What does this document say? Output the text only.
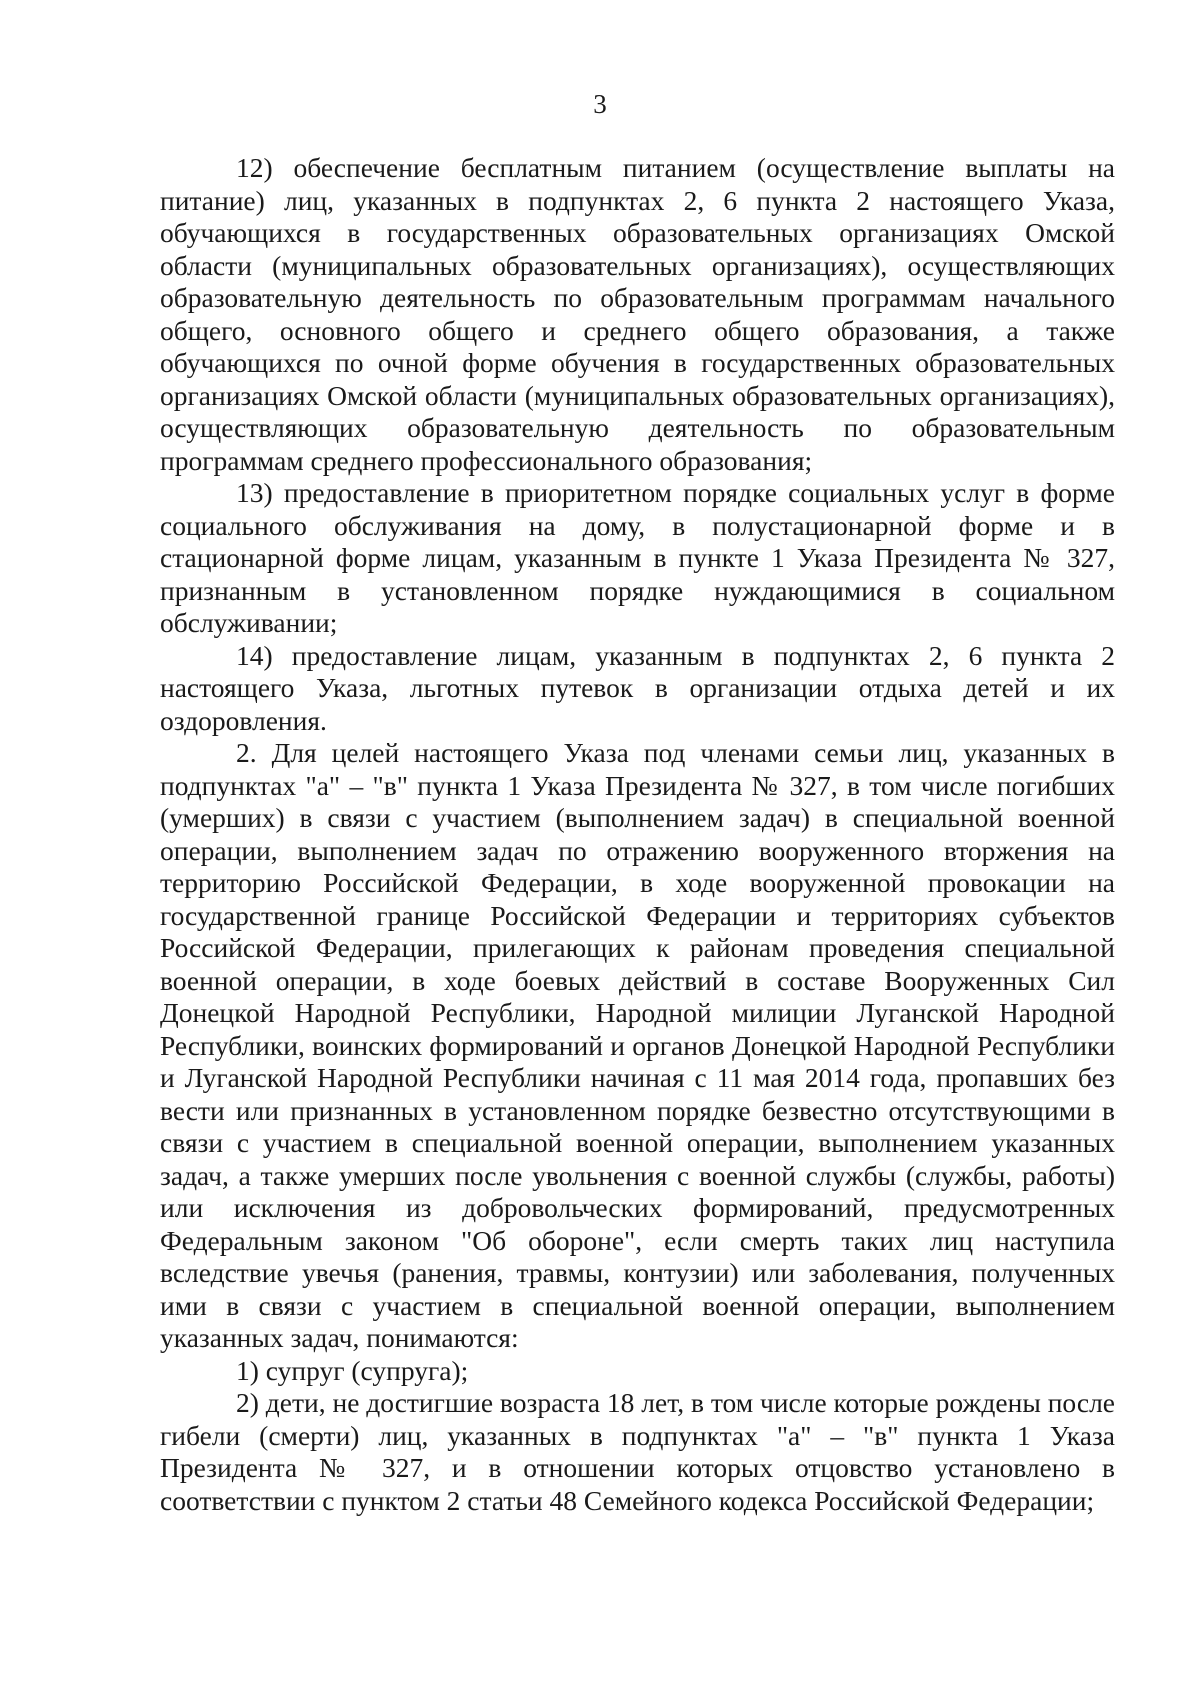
3

12) обеспечение бесплатным питанием (осуществление выплаты на питание) лиц, указанных в подпунктах 2, 6 пункта 2 настоящего Указа, обучающихся в государственных образовательных организациях Омской области (муниципальных образовательных организациях), осуществляющих образовательную деятельность по образовательным программам начального общего, основного общего и среднего общего образования, а также обучающихся по очной форме обучения в государственных образовательных организациях Омской области (муниципальных образовательных организациях), осуществляющих образовательную деятельность по образовательным программам среднего профессионального образования;

13) предоставление в приоритетном порядке социальных услуг в форме социального обслуживания на дому, в полустационарной форме и в стационарной форме лицам, указанным в пункте 1 Указа Президента № 327, признанным в установленном порядке нуждающимися в социальном обслуживании;

14) предоставление лицам, указанным в подпунктах 2, 6 пункта 2 настоящего Указа, льготных путевок в организации отдыха детей и их оздоровления.

2. Для целей настоящего Указа под членами семьи лиц, указанных в подпунктах "а" – "в" пункта 1 Указа Президента № 327, в том числе погибших (умерших) в связи с участием (выполнением задач) в специальной военной операции, выполнением задач по отражению вооруженного вторжения на территорию Российской Федерации, в ходе вооруженной провокации на государственной границе Российской Федерации и территориях субъектов Российской Федерации, прилегающих к районам проведения специальной военной операции, в ходе боевых действий в составе Вооруженных Сил Донецкой Народной Республики, Народной милиции Луганской Народной Республики, воинских формирований и органов Донецкой Народной Республики и Луганской Народной Республики начиная с 11 мая 2014 года, пропавших без вести или признанных в установленном порядке безвестно отсутствующими в связи с участием в специальной военной операции, выполнением указанных задач, а также умерших после увольнения с военной службы (службы, работы) или исключения из добровольческих формирований, предусмотренных Федеральным законом "Об обороне", если смерть таких лиц наступила вследствие увечья (ранения, травмы, контузии) или заболевания, полученных ими в связи с участием в специальной военной операции, выполнением указанных задач, понимаются:

1) супруг (супруга);

2) дети, не достигшие возраста 18 лет, в том числе которые рождены после гибели (смерти) лиц, указанных в подпунктах "а" – "в" пункта 1 Указа Президента № 327, и в отношении которых отцовство установлено в соответствии с пунктом 2 статьи 48 Семейного кодекса Российской Федерации;
